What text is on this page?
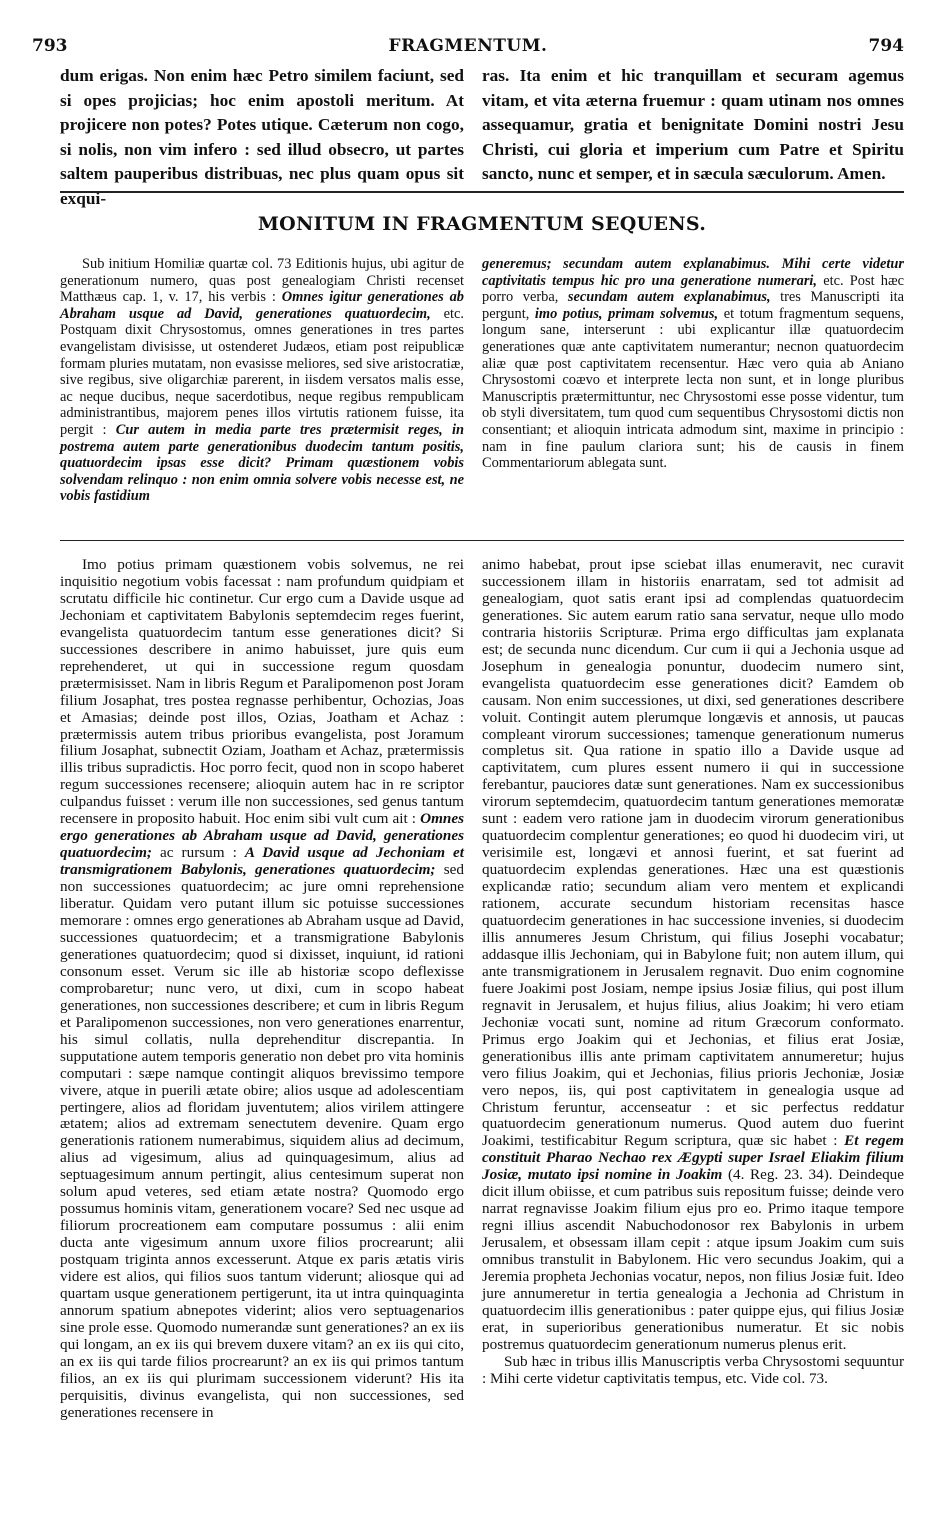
793	FRAGMENTUM.	794

dum erigas. Non enim hæc Petro similem faciunt, sed si opes projicias; hoc enim apostoli meritum. At projicere non potes? Potes utique. Cæterum non cogo, si nolis, non vim infero : sed illud obsecro, ut partes saltem pauperibus distribuas, nec plus quam opus sit exqui-

ras. Ita enim et hic tranquillam et securam agemus vitam, et vita æterna fruemur : quam utinam nos omnes assequamur, gratia et benignitate Domini nostri Jesu Christi, cui gloria et imperium cum Patre et Spiritu sancto, nunc et semper, et in sæcula sæculorum. Amen.

MONITUM IN FRAGMENTUM SEQUENS.

Sub initium Homiliæ quartæ col. 73 Editionis hujus, ubi agitur de generationum numero, quas post genealogiam Christi recenset Matthæus cap. 1, v. 17, his verbis : Omnes igitur generationes ab Abraham usque ad David, generationes quatuordecim, etc. Postquam dixit Chrysostomus, omnes generationes in tres partes evangelistam divisisse, ut ostenderet Judæos, etiam post reipublicæ formam pluries mutatam, non evasisse meliores, sed sive aristocratiæ, sive regibus, sive oligarchiæ parerent, in iisdem versatos malis esse, ac neque ducibus, neque sacerdotibus, neque regibus rempublicam administrantibus, majorem penes illos virtutis rationem fuisse, ita pergit : Cur autem in media parte tres prætermisit reges, in postrema autem parte generationibus duodecim tantum positis, quatuordecim ipsas esse dicit? Primam quæstionem vobis solvendam relinquo : non enim omnia solvere vobis necesse est, ne vobis fastidium

generemus; secundam autem explanabimus. Mihi certe videtur captivitatis tempus hic pro una generatione numerari, etc. Post hæc porro verba, secundam autem explanabimus, tres Manuscripti ita pergunt, imo potius, primam solvemus, et totum fragmentum sequens, longum sane, interserunt : ubi explicantur illæ quatuordecim generationes quæ ante captivitatem numerantur; necnon quatuordecim aliæ quæ post captivitatem recensentur. Hæc vero quia ab Aniano Chrysostomi coævo et interprete lecta non sunt, et in longe pluribus Manuscriptis prætermittuntur, nec Chrysostomi esse posse videntur, tum ob styli diversitatem, tum quod cum sequentibus Chrysostomi dictis non consentiant; et alioquin intricata admodum sint, maxime in principio : nam in fine paulum clariora sunt; his de causis in finem Commentariorum ablegata sunt.

Imo potius primam quæstionem vobis solvemus, ne rei inquisitio negotium vobis facessat : nam profundum quidpiam et scrutatu difficile hic continetur. Cur ergo cum a Davide usque ad Jechoniam et captivitatem Babylonis septemdecim reges fuerint, evangelista quatuordecim tantum esse generationes dicit? Si successiones describere in animo habuisset, jure quis eum reprehenderet, ut qui in successione regum quosdam prætermisisset. Nam in libris Regum et Paralipomenon post Joram filium Josaphat, tres postea regnasse perhibentur, Ochozias, Joas et Amasias; deinde post illos, Ozias, Joatham et Achaz : prætermissis autem tribus prioribus evangelista, post Joramum filium Josaphat, subnectit Oziam, Joatham et Achaz, prætermissis illis tribus supradictis. Hoc porro fecit, quod non in scopo haberet regum successiones recensere; alioquin autem hac in re scriptor culpandus fuisset : verum ille non successiones, sed genus tantum recensere in proposito habuit. Hoc enim sibi vult cum ait : Omnes ergo generationes ab Abraham usque ad David, generationes quatuordecim; ac rursum : A David usque ad Jechoniam et transmigrationem Babylonis, generationes quatuordecim; sed non successiones quatuordecim; ac jure omni reprehensione liberatur. Quidam vero putant illum sic potuisse successiones memorare : omnes ergo generationes ab Abraham usque ad David, successiones quatuordecim; et a transmigratione Babylonis generationes quatuordecim; quod si dixisset, inquiunt, id rationi consonum esset. Verum sic ille ab historiæ scopo deflexisse comprobaretur; nunc vero, ut dixi, cum in scopo habeat generationes, non successiones describere; et cum in libris Regum et Paralipomenon successiones, non vero generationes enarrentur, his simul collatis, nulla deprehenditur discrepantia. In supputatione autem temporis generatio non debet pro vita hominis computari : sæpe namque contingit aliquos brevissimo tempore vivere, atque in puerili ætate obire; alios usque ad adolescentiam pertingere, alios ad floridam juventutem; alios virilem attingere ætatem; alios ad extremam senectutem devenire. Quam ergo generationis rationem numerabimus, siquidem alius ad decimum, alius ad vigesimum, alius ad quinquagesimum, alius ad septuagesimum annum pertingit, alius centesimum superat non solum apud veteres, sed etiam ætate nostra? Quomodo ergo possumus hominis vitam, generationem vocare? Sed nec usque ad filiorum procreationem eam computare possumus : alii enim ducta ante vigesimum annum uxore filios procrearunt; alii postquam triginta annos excesserunt. Atque ex paris ætatis viris videre est alios, qui filios suos tantum viderunt; aliosque qui ad quartam usque generationem pertigerunt, ita ut intra quinquaginta annorum spatium abnepotes viderint; alios vero septuagenarios sine prole esse. Quomodo numerandæ sunt generationes? an ex iis qui longam, an ex iis qui brevem duxere vitam? an ex iis qui cito, an ex iis qui tarde filios procrearunt? an ex iis qui primos tantum filios, an ex iis qui plurimam successionem viderunt? His ita perquisitis, divinus evangelista, qui non successiones, sed generationes recensere in

animo habebat, prout ipse sciebat illas enumeravit, nec curavit successionem illam in historiis enarratam, sed tot admisit ad genealogiam, quot satis erant ipsi ad complendas quatuordecim generationes. Sic autem earum ratio sana servatur, neque ullo modo contraria historiis Scripturæ. Prima ergo difficultas jam explanata est; de secunda nunc dicendum. Cur cum ii qui a Jechonia usque ad Josephum in genealogia ponuntur, duodecim numero sint, evangelista quatuordecim esse generationes dicit? Eamdem ob causam. Non enim successiones, ut dixi, sed generationes describere voluit. Contingit autem plerumque longævis et annosis, ut paucas compleant virorum successiones; tamenque generationum numerus completus sit. Qua ratione in spatio illo a Davide usque ad captivitatem, cum plures essent numero ii qui in successione ferebantur, pauciores datæ sunt generationes. Nam ex successionibus virorum septemdecim, quatuordecim tantum generationes memoratæ sunt : eadem vero ratione jam in duodecim virorum generationibus quatuordecim complentur generationes; eo quod hi duodecim viri, ut verisimile est, longævi et annosi fuerint, et sat fuerint ad quatuordecim explendas generationes. Hæc una est quæstionis explicandæ ratio; secundum aliam vero mentem et explicandi rationem, accurate secundum historiam recensitas hasce quatuordecim generationes in hac successione invenies, si duodecim illis annumeres Jesum Christum, qui filius Josephi vocabatur; addasque illis Jechoniam, qui in Babylone fuit; non autem illum, qui ante transmigrationem in Jerusalem regnavit. Duo enim cognomine fuere Joakimi post Josiam, nempe ipsius Josiæ filius, qui post illum regnavit in Jerusalem, et hujus filius, alius Joakim; hi vero etiam Jechoniæ vocati sunt, nomine ad ritum Græcorum conformato. Primus ergo Joakim qui et Jechonias, et filius erat Josiæ, generationibus illis ante primam captivitatem annumeretur; hujus vero filius Joakim, qui et Jechonias, filius prioris Jechoniæ, Josiæ vero nepos, iis, qui post captivitatem in genealogia usque ad Christum feruntur, accenseatur : et sic perfectus reddatur quatuordecim generationum numerus. Quod autem duo fuerint Joakimi, testificabitur Regum scriptura, quæ sic habet : Et regem constituit Pharao Nechao rex Ægypti super Israel Eliakim filium Josiæ, mutato ipsi nomine in Joakim (4. Reg. 23. 34). Deindeque dicit illum obiisse, et cum patribus suis repositum fuisse; deinde vero narrat regnavisse Joakim filium ejus pro eo. Primo itaque tempore regni illius ascendit Nabuchodonosor rex Babylonis in urbem Jerusalem, et obsessam illam cepit : atque ipsum Joakim cum suis omnibus transtulit in Babylonem. Hic vero secundus Joakim, qui a Jeremia propheta Jechonias vocatur, nepos, non filius Josiæ fuit. Ideo jure annumeretur in tertia genealogia a Jechonia ad Christum in quatuordecim illis generationibus : pater quippe ejus, qui filius Josiæ erat, in superioribus generationibus numeratur. Et sic nobis postremus quatuordecim generationum numerus plenus erit.

Sub hæc in tribus illis Manuscriptis verba Chrysostomi sequuntur : Mihi certe videtur captivitatis tempus, etc. Vide col. 73.
